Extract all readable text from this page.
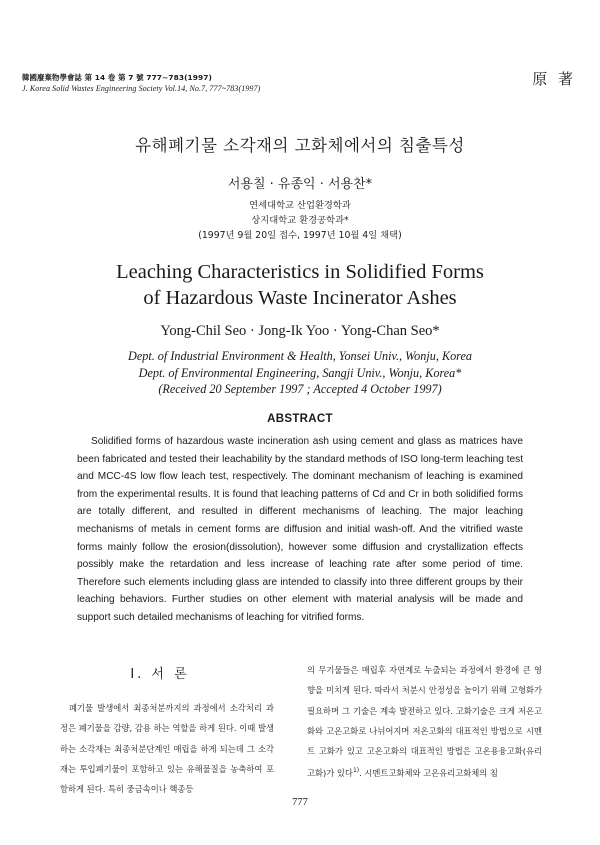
韓國廢棄物學會誌 第 14 卷 第 7 號 777~783(1997)
J. Korea Solid Wastes Engineering Society Vol.14, No.7, 777~783(1997)
原 著
유해폐기물 소각재의 고화체에서의 침출특성
서용칠 · 유종익 · 서용찬*
연세대학교 산업환경학과
상지대학교 환경공학과*
(1997년 9월 20일 접수, 1997년 10월 4일 채택)
Leaching Characteristics in Solidified Forms
of Hazardous Waste Incinerator Ashes
Yong-Chil Seo · Jong-Ik Yoo · Yong-Chan Seo*
Dept. of Industrial Environment & Health, Yonsei Univ., Wonju, Korea
Dept. of Environmental Engineering, Sangji Univ., Wonju, Korea*
(Received 20 September 1997 ; Accepted 4 October 1997)
ABSTRACT

Solidified forms of hazardous waste incineration ash using cement and glass as matrices have been fabricated and tested their leachability by the standard methods of ISO long-term leaching test and MCC-4S low flow leach test, respectively. The dominant mechanism of leaching is examined from the experimental results. It is found that leaching patterns of Cd and Cr in both solidified forms are totally different, and resulted in different mechanisms of leaching. The major leaching mechanisms of metals in cement forms are diffusion and initial wash-off. And the vitrified waste forms mainly follow the erosion(dissolution), however some diffusion and crystallization effects possibly make the retardation and less increase of leaching rate after some period of time. Therefore such elements including glass are intended to classify into three different groups by their leaching behaviors. Further studies on other element with material analysis will be made and support such detailed mechanisms of leaching for vitrified forms.

Ⅰ. 서 론

폐기물 발생에서 최종처분까지의 과정에서 소각처리 과정은 폐기물을 감량, 감용 하는 역할을 하게 된다. 이때 발생하는 소각재는 최종처분단계인 매립을 하게 되는데 그 소각재는 투입폐기물이 포함하고 있는 유해물질을 농축하여 포함하게 된다. 특히 중금속이나 핵종등

의 무기물들은 매립후 자연계로 누출되는 과정에서 환경에 큰 영향을 미치게 된다. 따라서 처분시 안정성을 높이기 위해 고형화가 필요하며 그 기술은 계속 발전하고 있다. 고화기술은 크게 저온고화와 고온고화로 나뉘어지며 저온고화의 대표적인 방법으로 시멘트 고화가 있고 고온고화의 대표적인 방법은 고온용융고화(유리고화)가 있다$^{1)}$. 시멘트고화체와 고온유리고화체의 침

777
